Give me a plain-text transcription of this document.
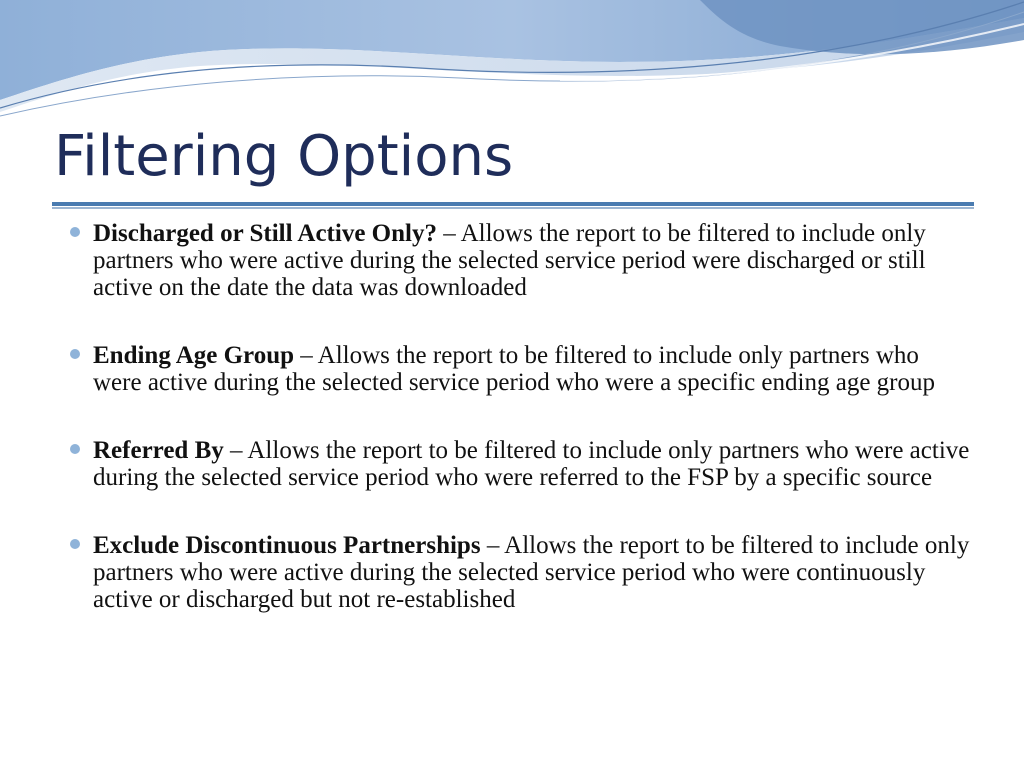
Filtering Options
Discharged or Still Active Only? – Allows the report to be filtered to include only partners who were active during the selected service period were discharged or still active on the date the data was downloaded
Ending Age Group – Allows the report to be filtered to include only partners who were active during the selected service period who were a specific ending age group
Referred By – Allows the report to be filtered to include only partners who were active during the selected service period who were referred to the FSP by a specific source
Exclude Discontinuous Partnerships – Allows the report to be filtered to include only partners who were active during the selected service period who were continuously active or discharged but not re-established
